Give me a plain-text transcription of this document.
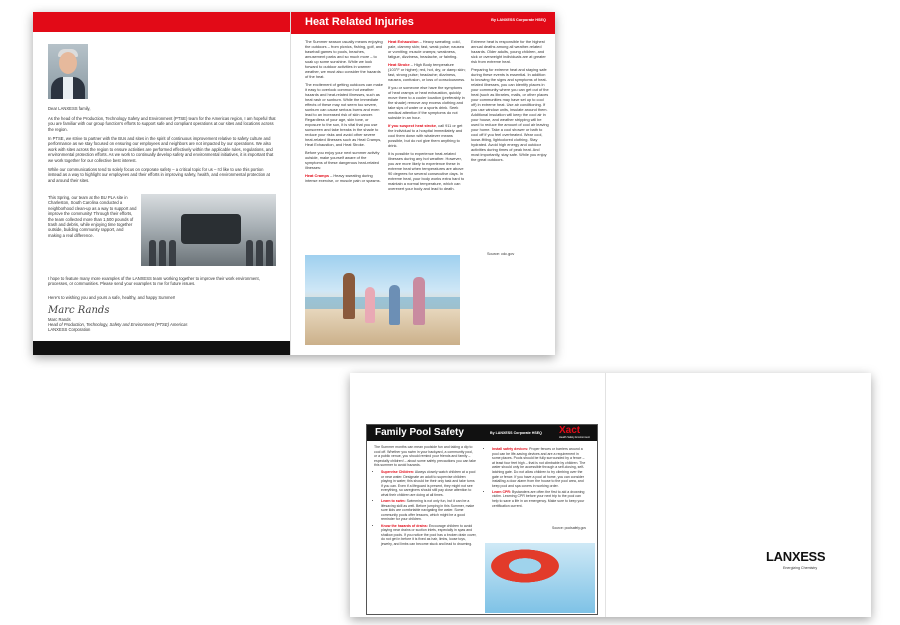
Dear LANXESS family,
As the head of the Production, Technology Safety and Environment (PTSE) team for the Americas region, I am hopeful that you are familiar with our group function's efforts to support safe and compliant operations at our sites and locations across the region.
In PTSE, we strive to partner with the BUs and sites in the spirit of continuous improvement relative to safety culture and performance as we stay focused on ensuring our employees and neighbors are not impacted by our operations. We also work with sites across the region to ensure activities are performed effectively within the applicable rules, regulations, and environmental protection efforts. As we work to continually develop safety and environmental initiatives, it is important that we work together for our collective best interest.
While our communications tend to solely focus on corporate safety – a critical topic for us – I'd like to use this portion instead as a way to highlight our employees and their efforts in improving safety, health, and environmental protection at and around their sites.
This Spring, our team at the BU PLA site in Charleston, South Carolina conducted a neighborhood clean-up as a way to support and improve the community! Through their efforts, the team collected more than 1,500 pounds of trash and debris, while enjoying time together outside, building community rapport, and making a real difference.
I hope to feature many more examples of the LANXESS team working together to improve their work environment, processes, or communities. Please send your examples to me for future issues.
Here's to wishing you and yours a safe, healthy, and happy Summer!
Marc Rands
Marc Rands
Head of Production, Technology, Safety and Environment (PTSE) Americas
LANXESS Corporation
Heat Related Injuries	By LANXESS Corporate HSEQ
The Summer season usually means enjoying the outdoors – from picnics, fishing, golf, and baseball games to pools, beaches, amusement parks and so much more – to soak up some sunshine. While we look forward to outdoor activities in warmer weather, we must also consider the hazards of the heat.
The excitement of getting outdoors can make it easy to overlook common hot weather hazards and heat-related illnesses, such as heat rash or sunburn. While the immediate effects of these may not seem too severe, sunburn can cause serious burns and even lead to an increased risk of skin cancer. Regardless of your age, skin tone, or exposure to the sun, it is vital that you use sunscreen and take breaks in the shade to reduce your risks and avoid other severe heat-related illnesses such as Heat Cramps, Heat Exhaustion, and Heat Stroke.
Before you enjoy your next summer activity outside, make yourself aware of the symptoms of these dangerous heat-related illnesses:
Heat Cramps – Heavy sweating during intense exercise, or muscle pain or spasms.
Heat Exhaustion – Heavy sweating; cold, pale, clammy skin; fast, weak pulse; nausea or vomiting; muscle cramps; weakness, fatigue, dizziness, headache, or fainting.
Heat Stroke – High Body temperature (103°F or higher); red, hot, dry, or damp skin; fast, strong pulse; headache; dizziness, nausea, confusion, or loss of consciousness.
If you or someone else have the symptoms of heat cramps or heat exhaustion, quickly move them to a cooler location (preferably in the shade) remove any excess clothing and take sips of water or a sports drink. Seek medical attention if the symptoms do not subside in an hour.
If you suspect heat stroke, call 911 or get the individual to a hospital immediately and cool them down with whatever means possible, but do not give them anything to drink.
It is possible to experience heat-related illnesses during any hot weather. However, you are more likely to experience these in extreme heat when temperatures are above 90 degrees for several consecutive days. In extreme heat, your body works extra hard to maintain a normal temperature, which can overexert your body and lead to death.
Extreme heat is responsible for the highest annual deaths among all weather-related hazards. Older adults, young children, and sick or overweight individuals are at greater risk from extreme heat.
Preparing for extreme heat and staying safe during these events is essential. In addition to knowing the signs and symptoms of heat-related illnesses, you can identify places in your community where you can get out of the heat (such as libraries, malls, or other places your communities may have set up to cool off) in extreme heat. Use air conditioning. If you use window units, insulate around them. Additional insulation will keep the cool air in your house, and weather stripping will be used to reduce the amount of cool air leaving your home. Take a cool shower or bath to cool off if you feel overheated. Wear cool, loose-fitting, lightcolored clothing. Stay hydrated. Avoid high energy and outdoor activities during times of peak heat. And most importantly, stay safe. While you enjoy the great outdoors.
Source: cdc.gov
Family Pool Safety	By LANXESS Corporate HSEQ Xact
Health Safety Environment
The Summer months can mean poolside fun and taking a dip to cool off. Whether you swim in your backyard, a community pool, or a public venue, you should remind your friends and family – especially children! – about some safety precautions you can take this summer to avoid hazards.
• Supervise Children: Always closely watch children at a pool or near water. Designate an adult to supervise children playing in water; this should be their only task and take turns if you can. Even if a lifeguard is present, they might not see everything, so caregivers should still pay close attention to what their children are doing at all times.
• Learn to swim: Swimming is not only fun, but it can be a lifesaving skill as well. Before jumping in this Summer, make sure kids are comfortable navigating the water. Some community pools offer lessons, which might be a good reminder for your children.
• Know the hazards of drains: Encourage children to avoid playing near drains or suction inlets, especially in spas and shallow pools. If you notice the pool has a broken drain cover, do not get in before it is fixed as hair, limbs, loose toys, jewelry, and limbs can become stuck and lead to drowning.
• Install safety devices: Proper fences or barriers around a pool can be life-saving devices and are a requirement in some places. Pools should be fully surrounded by a fence – at least four feet high – that is not climbable by children. The water should only be accessible through a self-closing, self-latching gate. Do not allow children to try climbing over the gate or fence. If you have a pool at home, you can consider installing a door alarm from the house to the pool area, and keep pool and spa covers in working order.
• Learn CPR: Bystanders are often the first to aid a drowning victim. Learning CPR before your next trip to the pool can help to save a life in an emergency. Make sure to keep your certification current.
Source: poolsafely.gov
LANXESS
Energizing Chemistry
